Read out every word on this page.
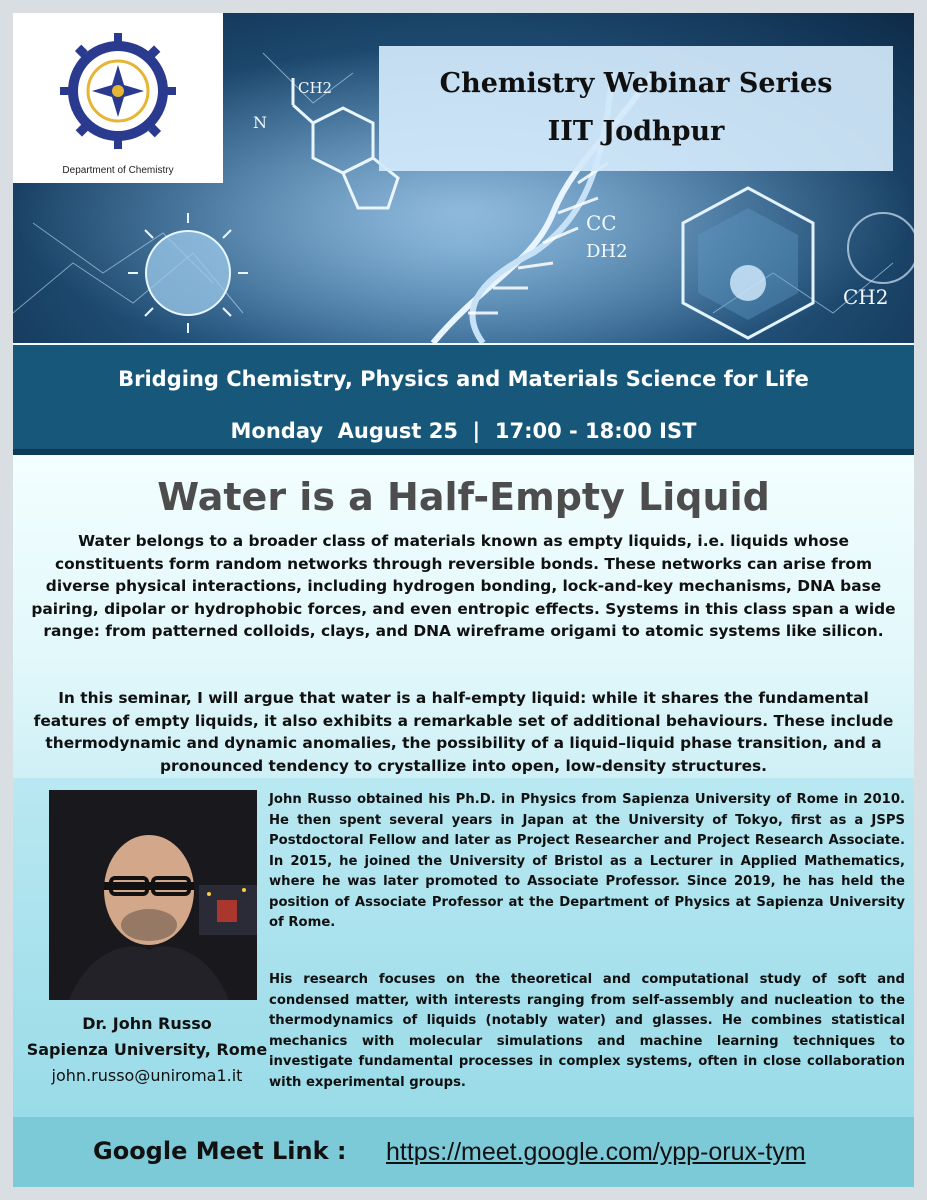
CH2
N
CC
DH2
CH2
Department of Chemistry
Chemistry Webinar Series
IIT Jodhpur
Bridging Chemistry, Physics and Materials Science for Life
Monday  August 25  |  17:00 - 18:00 IST
Water is a Half-Empty Liquid

Water belongs to a broader class of materials known as empty liquids, i.e. liquids whose constituents form random networks through reversible bonds. These networks can arise from diverse physical interactions, including hydrogen bonding, lock-and-key mechanisms, DNA base pairing, dipolar or hydrophobic forces, and even entropic effects. Systems in this class span a wide range: from patterned colloids, clays, and DNA wireframe origami to atomic systems like silicon.

In this seminar, I will argue that water is a half-empty liquid: while it shares the fundamental features of empty liquids, it also exhibits a remarkable set of additional behaviours. These include thermodynamic and dynamic anomalies, the possibility of a liquid–liquid phase transition, and a pronounced tendency to crystallize into open, low-density structures.

Dr. John Russo
Sapienza University, Rome
john.russo@uniroma1.it

John Russo obtained his Ph.D. in Physics from Sapienza University of Rome in 2010. He then spent several years in Japan at the University of Tokyo, first as a JSPS Postdoctoral Fellow and later as Project Researcher and Project Research Associate. In 2015, he joined the University of Bristol as a Lecturer in Applied Mathematics, where he was later promoted to Associate Professor. Since 2019, he has held the position of Associate Professor at the Department of Physics at Sapienza University of Rome.

His research focuses on the theoretical and computational study of soft and condensed matter, with interests ranging from self-assembly and nucleation to the thermodynamics of liquids (notably water) and glasses. He combines statistical mechanics with molecular simulations and machine learning techniques to investigate fundamental processes in complex systems, often in close collaboration with experimental groups.

Google Meet Link : https://meet.google.com/ypp-orux-tym
